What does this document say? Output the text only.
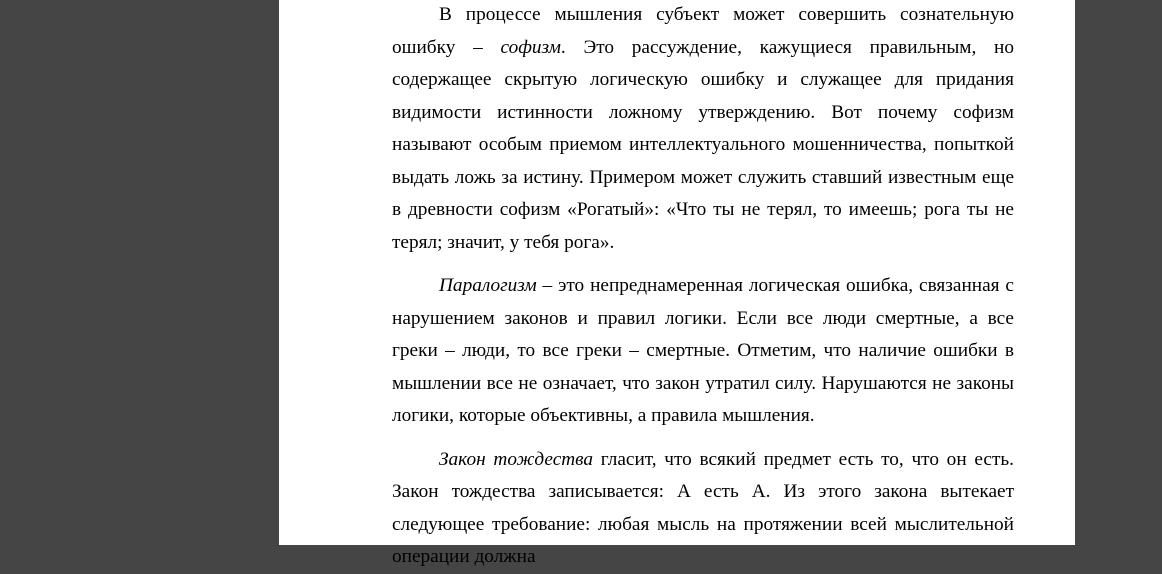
В процессе мышления субъект может совершить сознательную ошибку – софизм. Это рассуждение, кажущиеся правильным, но содержащее скрытую логическую ошибку и служащее для придания видимости истинности ложному утверждению. Вот почему софизм называют особым приемом интеллектуального мошенничества, попыткой выдать ложь за истину. Примером может служить ставший известным еще в древности софизм «Рогатый»: «Что ты не терял, то имеешь; рога ты не терял; значит, у тебя рога».

Паралогизм – это непреднамеренная логическая ошибка, связанная с нарушением законов и правил логики. Если все люди смертные, а все греки – люди, то все греки – смертные. Отметим, что наличие ошибки в мышлении все не означает, что закон утратил силу. Нарушаются не законы логики, которые объективны, а правила мышления.

Закон тождества гласит, что всякий предмет есть то, что он есть. Закон тождества записывается: А есть А. Из этого закона вытекает следующее требование: любая мысль на протяжении всей мыслительной операции должна
